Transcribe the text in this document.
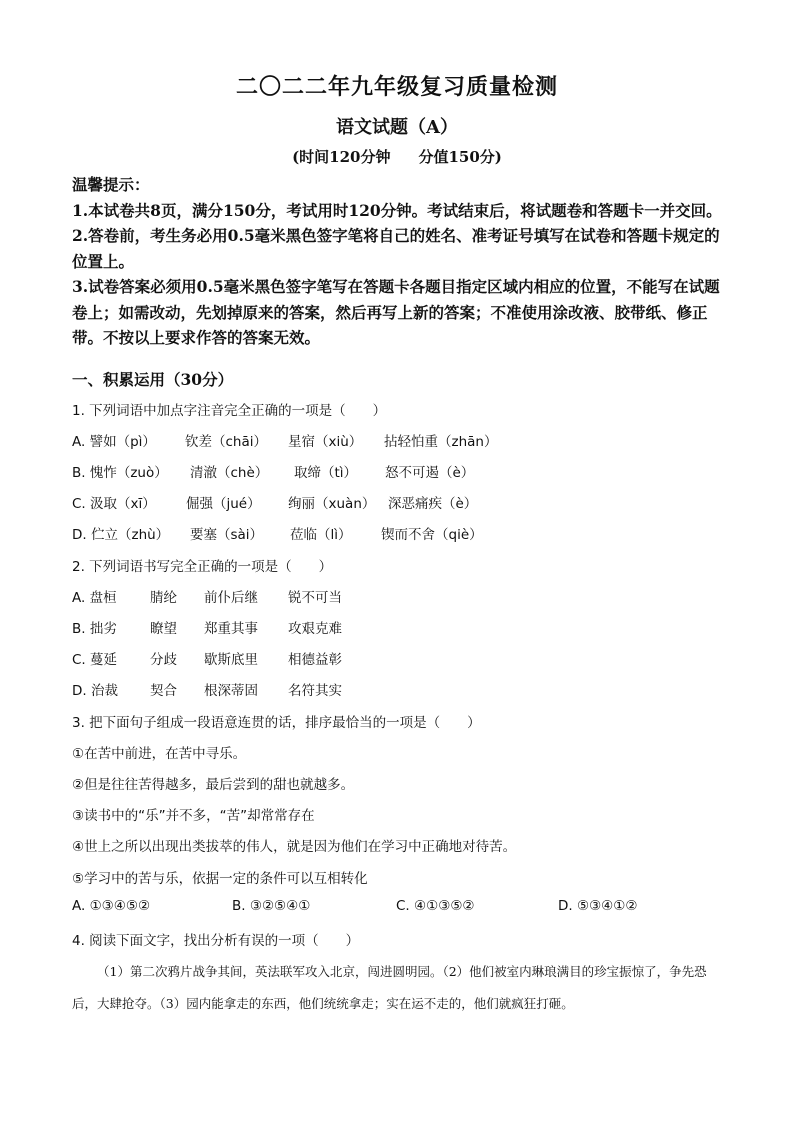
二〇二二年九年级复习质量检测
语文试题（A）
(时间120分钟 分值150分)

温馨提示：

1.本试卷共8页，满分150分，考试用时120分钟。考试结束后，将试题卷和答题卡一并交回。

2.答卷前，考生务必用0.5毫米黑色签字笔将自己的姓名、准考证号填写在试卷和答题卡规定的位置上。

3.试卷答案必须用0.5毫米黑色签字笔写在答题卡各题目指定区域内相应的位置，不能写在试题卷上；如需改动，先划掉原来的答案，然后再写上新的答案；不准使用涂改液、胶带纸、修正带。不按以上要求作答的答案无效。

一、积累运用（30分）
1. 下列词语中加点字注音完全正确的一项是（　　）
A. 譬如（pì） 钦差（chāi） 星宿（xiù） 拈轻怕重（zhān）
B. 愧怍（zuò） 清澈（chè） 取缔（tì） 怒不可遏（è）
C. 汲取（xī） 倔强（jué） 绚丽（xuàn） 深恶痛疾（è）
D. 伫立（zhù） 要塞（sài） 莅临（lì） 锲而不舍（qiè）
2. 下列词语书写完全正确的一项是（　　）
A. 盘桓 腈纶 前仆后继 锐不可当
B. 拙劣 瞭望 郑重其事 攻艰克难
C. 蔓延 分歧 歇斯底里 相德益彰
D. 治裁 契合 根深蒂固 名符其实
3. 把下面句子组成一段语意连贯的话，排序最恰当的一项是（　　）
①在苦中前进，在苦中寻乐。
②但是往往苦得越多，最后尝到的甜也就越多。
③读书中的“乐”并不多，“苦”却常常存在
④世上之所以出现出类拔萃的伟人，就是因为他们在学习中正确地对待苦。
⑤学习中的苦与乐，依据一定的条件可以互相转化
A. ①③④⑤②	B. ③②⑤④①	C. ④①③⑤②	D. ⑤③④①②
4. 阅读下面文字，找出分析有误的一项（　　）
（1）第二次鸦片战争其间，英法联军攻入北京，闯进圆明园。（2）他们被室内琳琅满目的珍宝振惊了，争先恐后，大肆抢夺。（3）园内能拿走的东西，他们统统拿走；实在运不走的，他们就疯狂打砸。
